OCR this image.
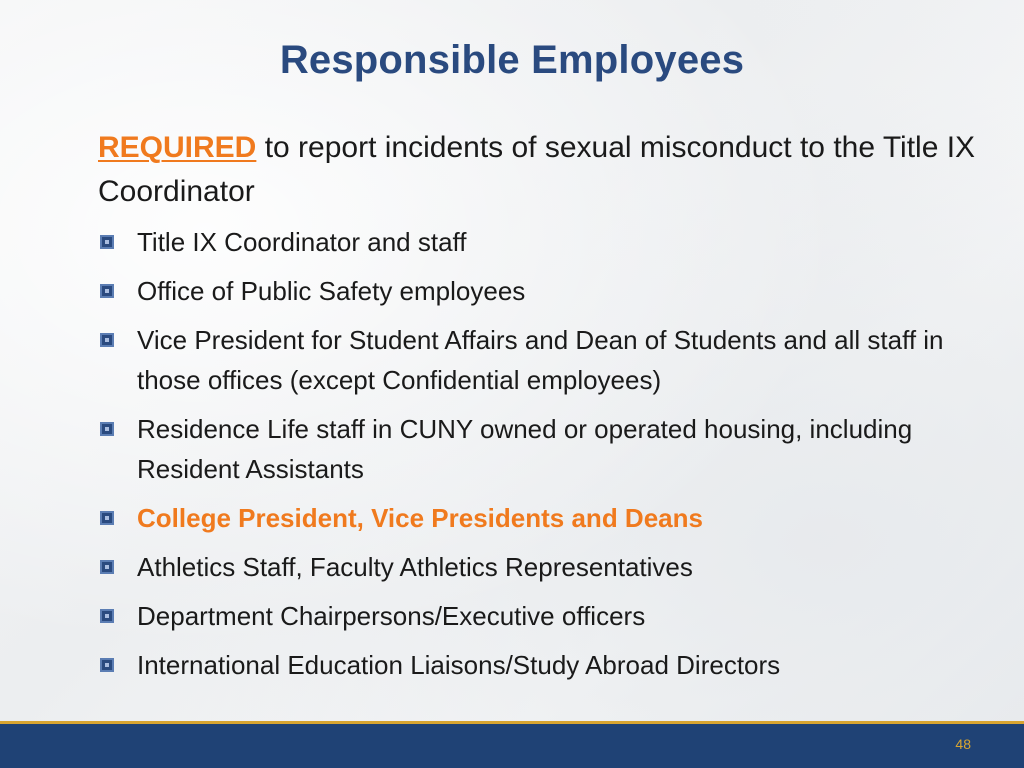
Responsible Employees
REQUIRED to report incidents of sexual misconduct to the Title IX Coordinator
Title IX Coordinator and staff
Office of Public Safety employees
Vice President for Student Affairs and Dean of Students and all staff in those offices (except Confidential employees)
Residence Life staff in CUNY owned or operated housing, including Resident Assistants
College President, Vice Presidents and Deans
Athletics Staff, Faculty Athletics Representatives
Department Chairpersons/Executive officers
International Education Liaisons/Study Abroad Directors
48
